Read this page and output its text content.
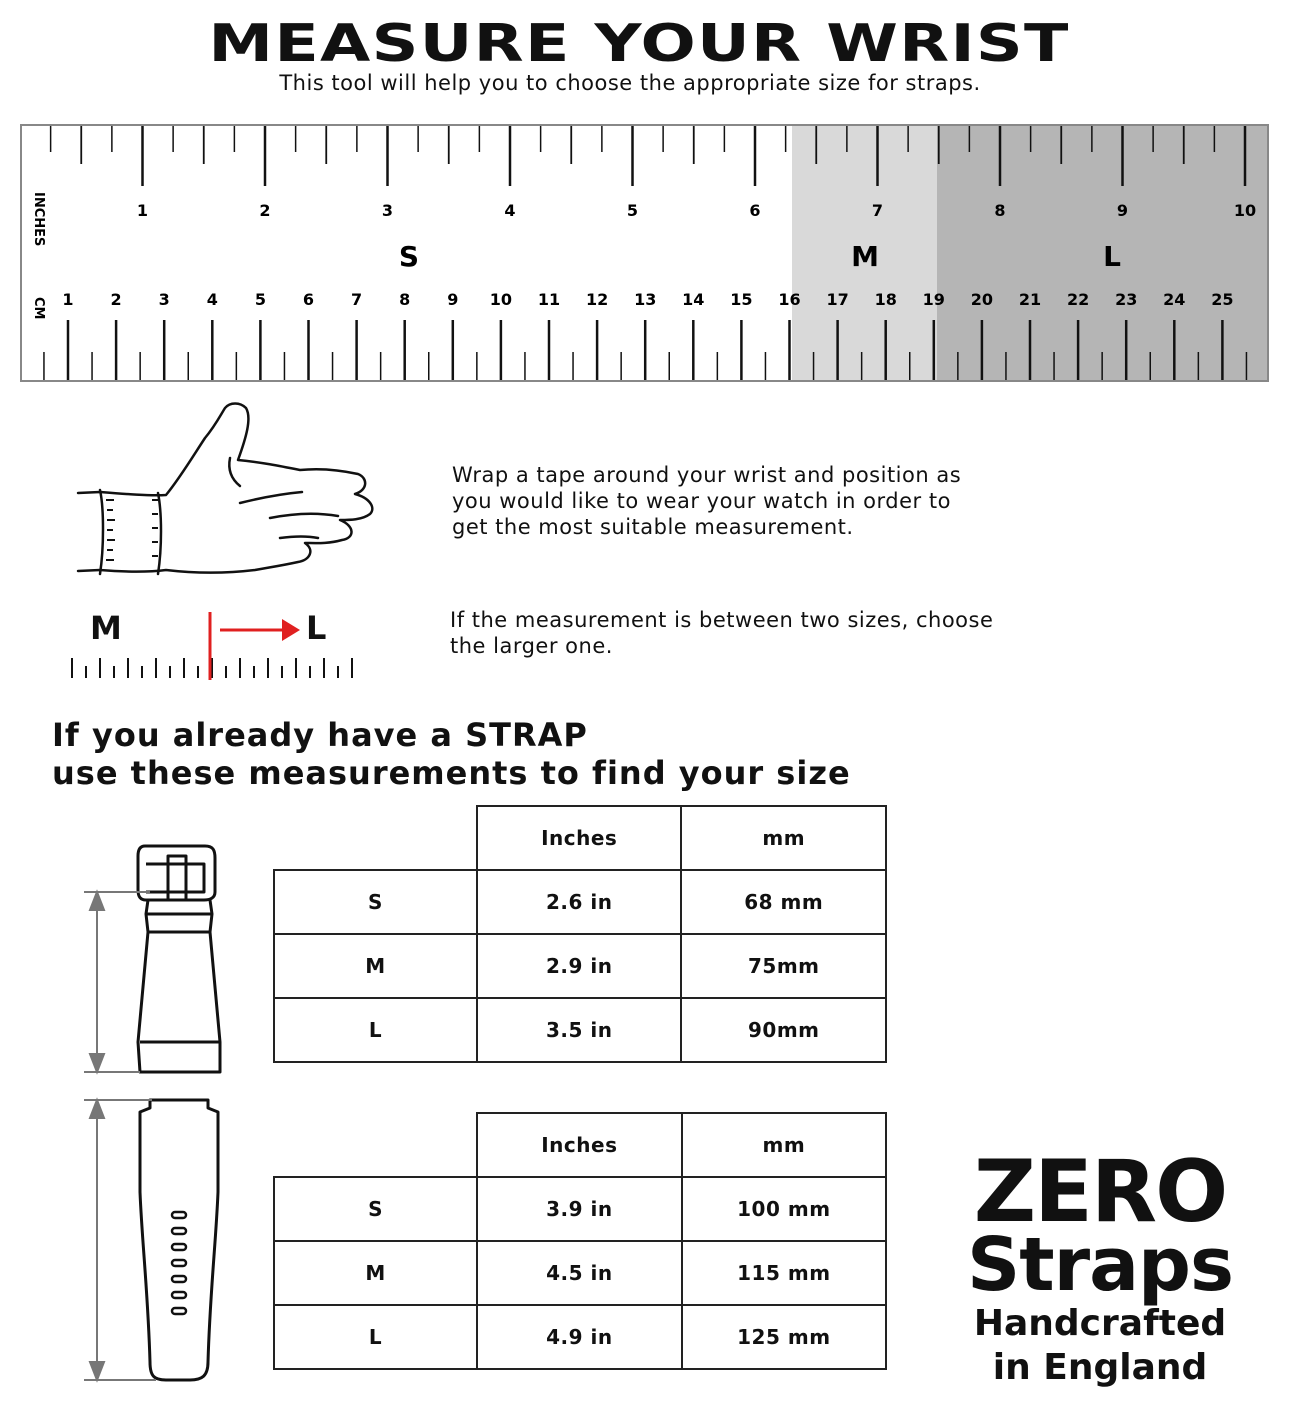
MEASURE YOUR WRIST
This tool will help you to choose the appropriate size for straps.
1	2	3	4	5	6	7	8	9	10
1 2 3 4 5 6 7 8 9 10 11 12 13 14 15 16 17 18 19 20 21 22 23 24 25
INCHES
CM
S	M	L
Wrap a tape around your wrist and position as you would like to wear your watch in order to get the most suitable measurement.
M	L	If the measurement is between two sizes, choose the larger one.
If you already have a STRAP
use these measurements to find your size
	Inches	mm
S	2.6 in	68 mm
M	2.9 in	75mm
L	3.5 in	90mm
	Inches	mm
S	3.9 in	100 mm
M	4.5 in	115 mm
L	4.9 in	125 mm
ZERO
Straps
Handcrafted
in England
